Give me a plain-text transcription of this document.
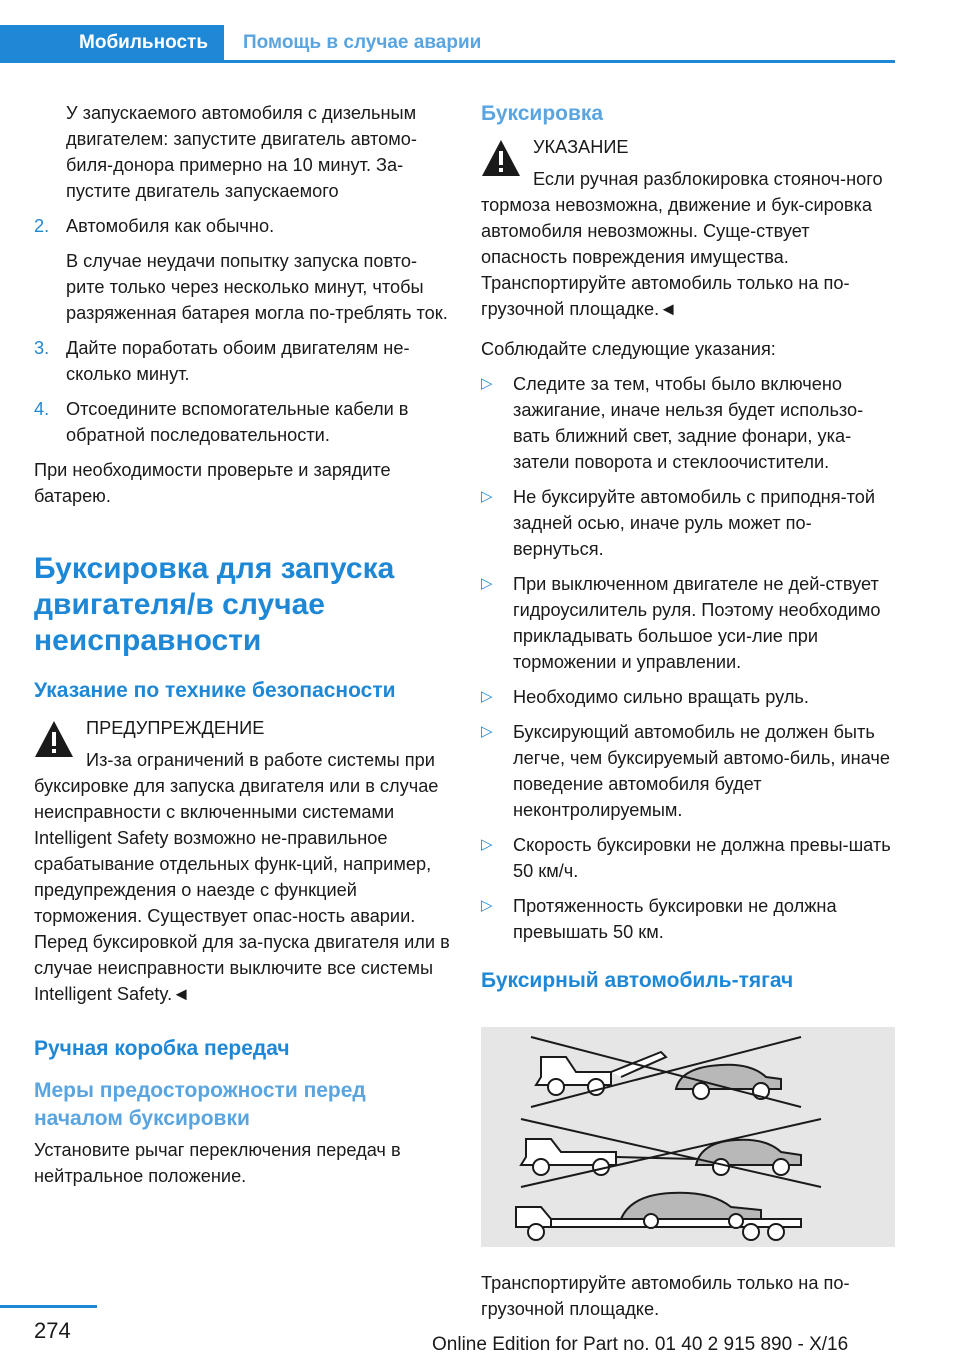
Мобильность	Помощь в случае аварии

У запускаемого автомобиля с дизельным двигателем: запустите двигатель автомо-биля-донора примерно на 10 минут. За-пустите двигатель запускаемого

2. Автомобиля как обычно.

В случае неудачи попытку запуска повто-рите только через несколько минут, чтобы разряженная батарея могла по-треблять ток.

3. Дайте поработать обоим двигателям не-сколько минут.

4. Отсоедините вспомогательные кабели в обратной последовательности.

При необходимости проверьте и зарядите батарею.

Буксировка для запуска двигателя/в случае неисправности
Указание по технике безопасности

ПРЕДУПРЕЖДЕНИЕ

Из-за ограничений в работе системы при буксировке для запуска двигателя или в случае неисправности с включенными системами Intelligent Safety возможно не-правильное срабатывание отдельных функ-ций, например, предупреждения о наезде с функцией торможения. Существует опас-ность аварии. Перед буксировкой для за-пуска двигателя или в случае неисправности выключите все системы Intelligent Safety.◄

Ручная коробка передач
Меры предосторожности перед началом буксировки

Установите рычаг переключения передач в нейтральное положение.

Буксировка

УКАЗАНИЕ

Если ручная разблокировка стояноч-ного тормоза невозможна, движение и бук-сировка автомобиля невозможны. Суще-ствует опасность повреждения имущества. Транспортируйте автомобиль только на по-грузочной площадке.◄

Соблюдайте следующие указания:

▷	Следите за тем, чтобы было включено зажигание, иначе нельзя будет использо-вать ближний свет, задние фонари, ука-затели поворота и стеклоочистители.

▷	Не буксируйте автомобиль с приподня-той задней осью, иначе руль может по-вернуться.

▷	При выключенном двигателе не дей-ствует гидроусилитель руля. Поэтому необходимо прикладывать большое уси-лие при торможении и управлении.

▷	Необходимо сильно вращать руль.

▷	Буксирующий автомобиль не должен быть легче, чем буксируемый автомо-биль, иначе поведение автомобиля будет неконтролируемым.

▷	Скорость буксировки не должна превы-шать 50 км/ч.

▷	Протяженность буксировки не должна превышать 50 км.

Буксирный автомобиль-тягач

Транспортируйте автомобиль только на по-грузочной площадке.

274
Online Edition for Part no. 01 40 2 915 890 - X/16
